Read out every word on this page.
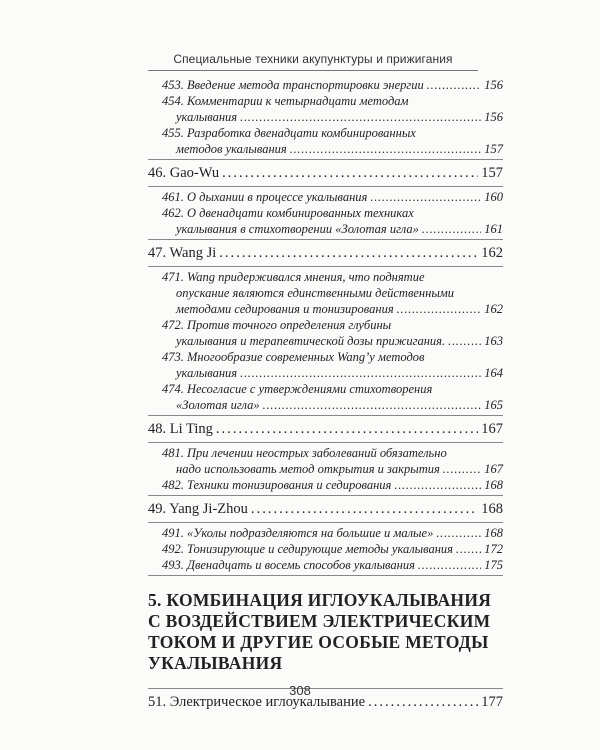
Специальные техники акупунктуры и прижигания
453. Введение метода транспортировки энергии . . .	156
454. Комментарии к четырнадцати методам
укалывания . . .	156
455. Разработка двенадцати комбинированных
методов укалывания . . .	157
46. Gao-Wu . . .	157
461. О дыхании в процессе укалывания . . .	160
462. О двенадцати комбинированных техниках
укалывания в стихотворении «Золотая игла» . . .	161
47. Wang Ji . . .	162
471. Wang придерживался мнения, что поднятие
опускание являются единственными действенными
методами седирования и тонизирования . . .	162
472. Против точного определения глубины
укалывания и терапевтической дозы прижигания. . . .	163
473. Многообразие современных Wang’у методов
укалывания . . .	164
474. Несогласие с утверждениями стихотворения
«Золотая игла» . . .	165
48. Li Ting . . .	167
481. При лечении неострых заболеваний обязательно
надо использовать метод открытия и закрытия . . .	167
482. Техники тонизирования и седирования . . .	168
49. Yang Ji-Zhou . . .	168
491. «Уколы подразделяются на большие и малые» . . .	168
492. Тонизирующие и седирующие методы укалывания . . .	172
493. Двенадцать и восемь способов укалывания . . .	175
5. КОМБИНАЦИЯ ИГЛОУКАЛЫВАНИЯ
С ВОЗДЕЙСТВИЕМ ЭЛЕКТРИЧЕСКИМ
ТОКОМ И ДРУГИЕ ОСОБЫЕ МЕТОДЫ
УКАЛЫВАНИЯ
51. Электрическое иглоукалывание . . .	177
308
